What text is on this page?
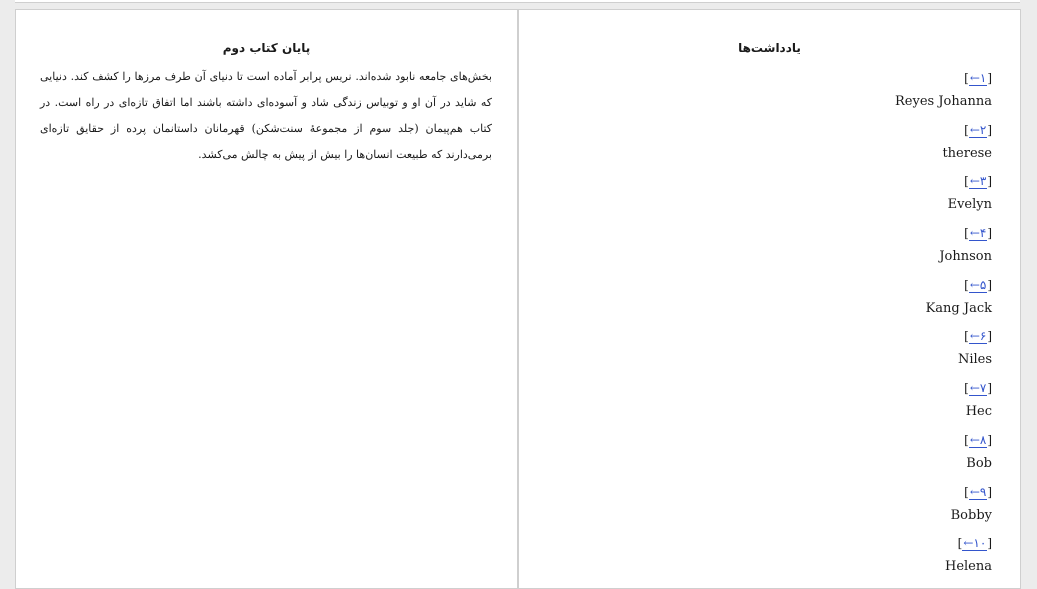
پایان کتاب دوم
بخش‌های جامعه نابود شده‌اند. نریس پرابر آماده است تا دنیای آن طرف مرزها را کشف کند. دنیایی که شاید در آن او و توبیاس زندگی شاد و آسوده‌ای داشته باشند اما اتفاق تازه‌ای در راه است. در کتاب هم‌پیمان (جلد سوم از مجموعهٔ سنت‌شکن) قهرمانان داستانمان پرده از حقایق تازه‌ای برمی‌دارند که طبیعت انسان‌ها را بیش از پیش به چالش می‌کشد.
یادداشت‌ها
[←۱]
Reyes Johanna
[←۲]
therese
[←۳]
Evelyn
[←۴]
Johnson
[←۵]
Kang Jack
[←۶]
Niles
[←۷]
Hec
[←۸]
Bob
[←۹]
Bobby
[←۱۰]
Helena
